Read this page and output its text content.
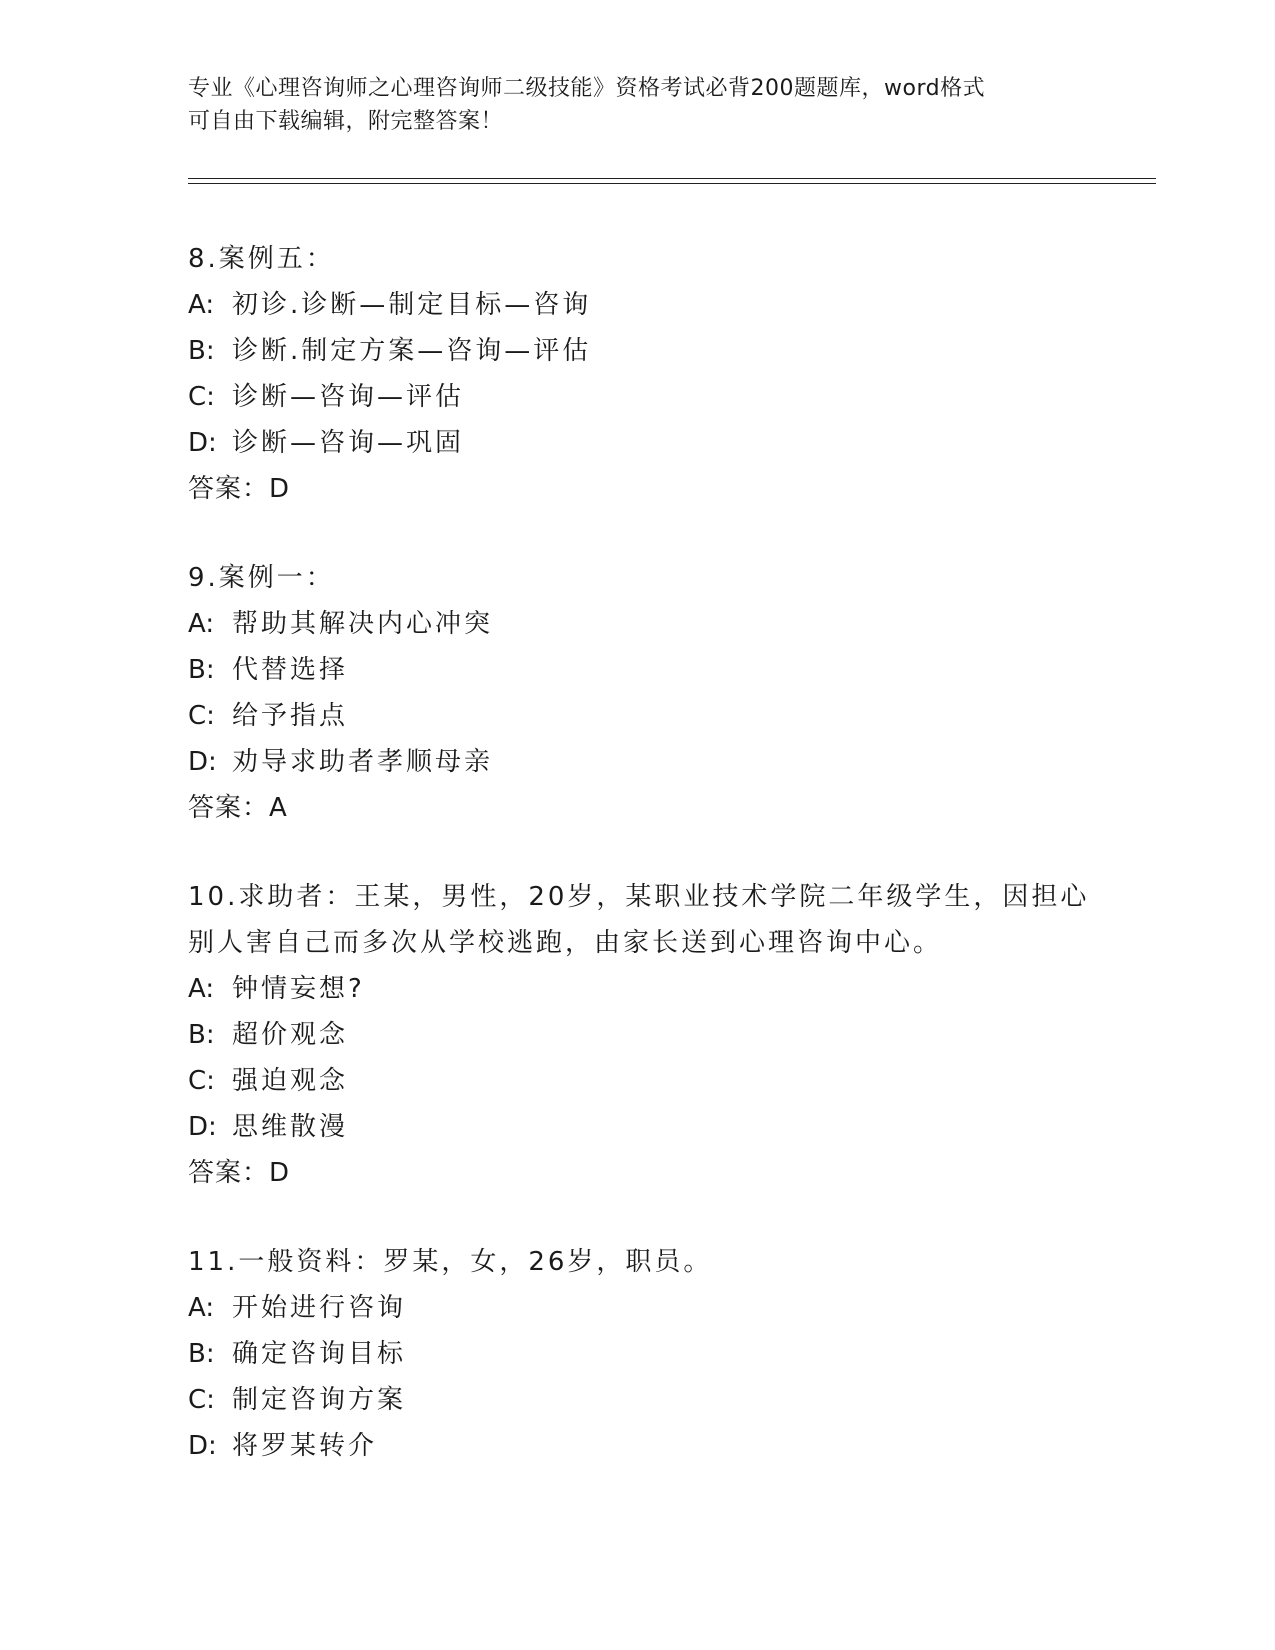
专业《心理咨询师之心理咨询师二级技能》资格考试必背200题题库，word格式
可自由下载编辑，附完整答案！
8.案例五：
A: 初诊.诊断—制定目标—咨询
B: 诊断.制定方案—咨询—评估
C: 诊断—咨询—评估
D: 诊断—咨询—巩固
答案：D
9.案例一：
A: 帮助其解决内心冲突
B: 代替选择
C: 给予指点
D: 劝导求助者孝顺母亲
答案：A
10.求助者：王某，男性，20岁，某职业技术学院二年级学生，因担心别人害自己而多次从学校逃跑，由家长送到心理咨询中心。
A: 钟情妄想?
B: 超价观念
C: 强迫观念
D: 思维散漫
答案：D
11.一般资料：罗某，女，26岁，职员。
A: 开始进行咨询
B: 确定咨询目标
C: 制定咨询方案
D: 将罗某转介
